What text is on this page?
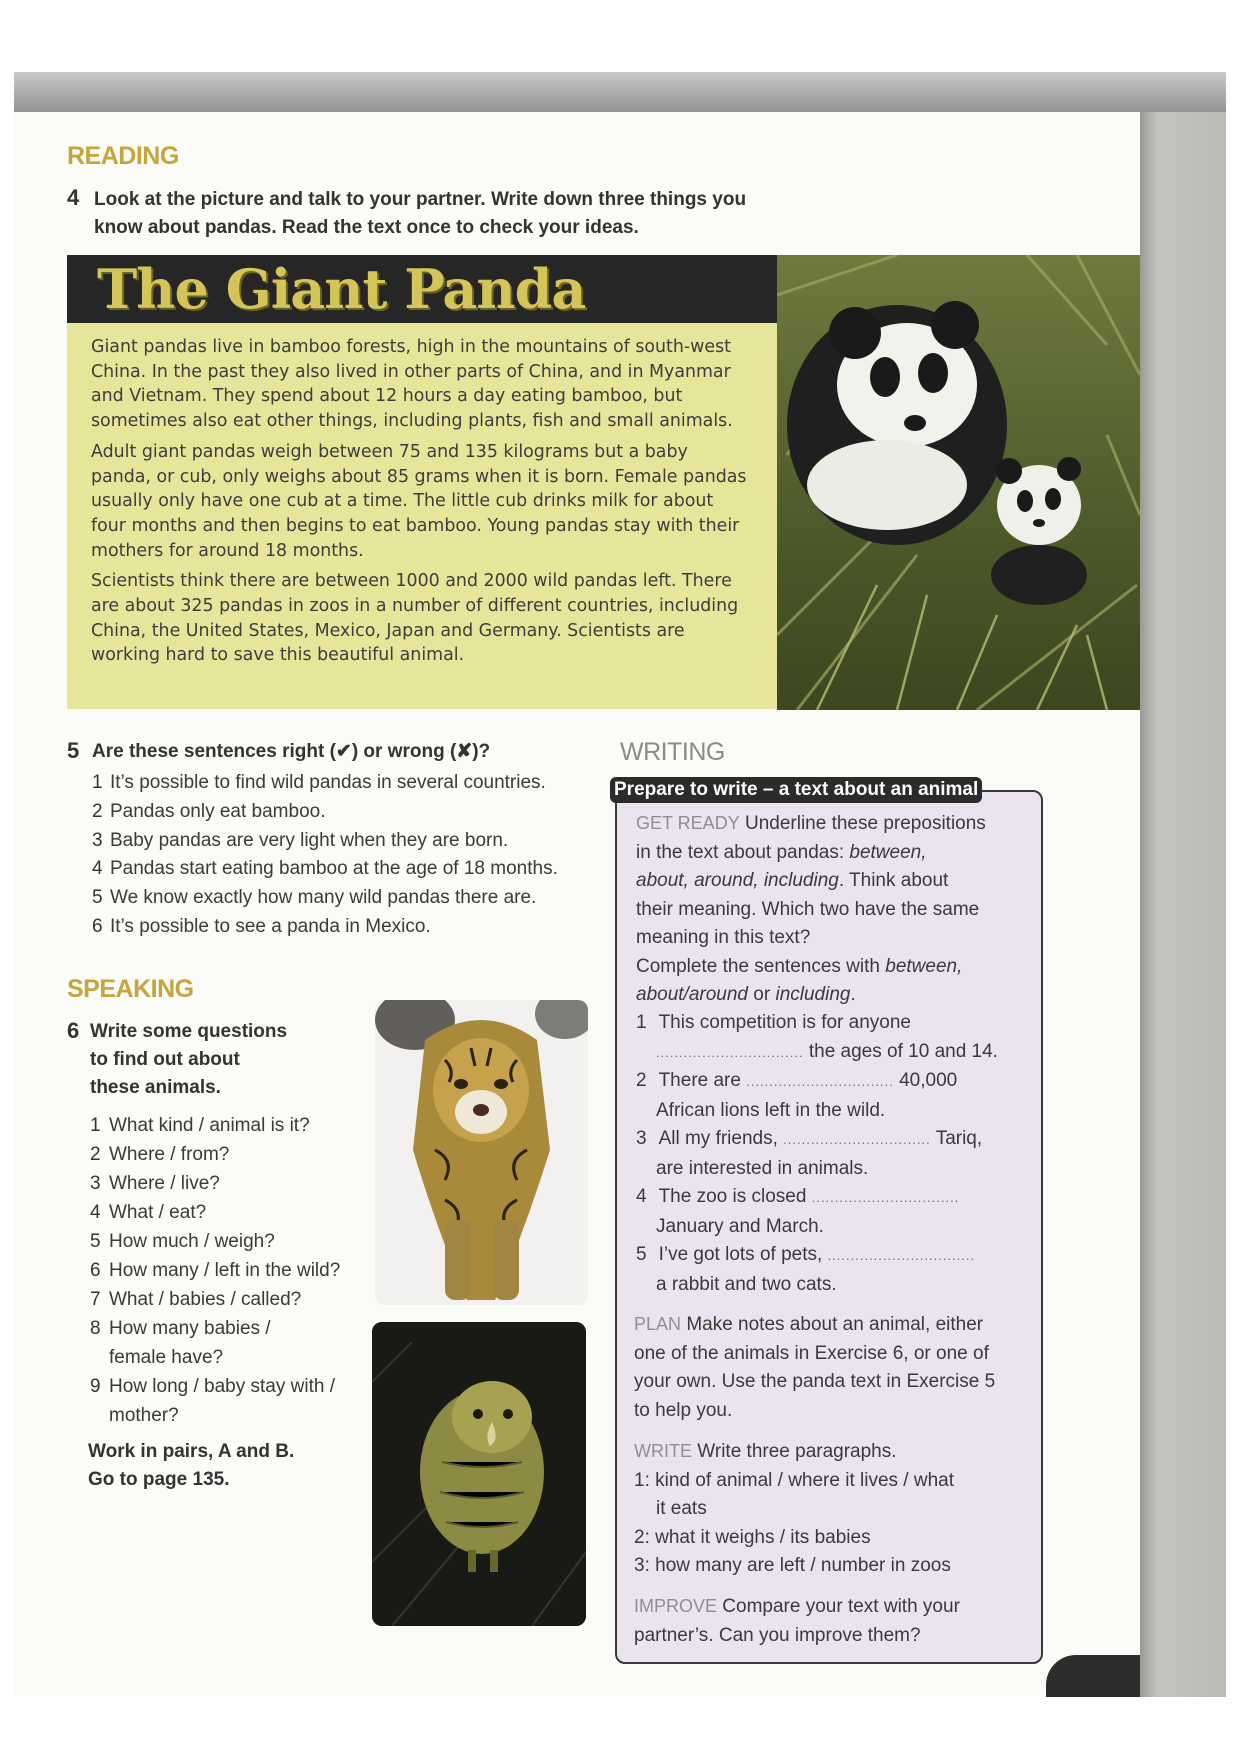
READING
4 Look at the picture and talk to your partner. Write down three things you
know about pandas. Read the text once to check your ideas.
The Giant Panda

Giant pandas live in bamboo forests, high in the mountains of south-west China. In the past they also lived in other parts of China, and in Myanmar and Vietnam. They spend about 12 hours a day eating bamboo, but sometimes also eat other things, including plants, fish and small animals.

Adult giant pandas weigh between 75 and 135 kilograms but a baby panda, or cub, only weighs about 85 grams when it is born. Female pandas usually only have one cub at a time. The little cub drinks milk for about four months and then begins to eat bamboo. Young pandas stay with their mothers for around 18 months.

Scientists think there are between 1000 and 2000 wild pandas left. There are about 325 pandas in zoos in a number of different countries, including China, the United States, Mexico, Japan and Germany. Scientists are working hard to save this beautiful animal.

5 Are these sentences right (✔) or wrong (✘)?
1 It’s possible to find wild pandas in several countries.
2 Pandas only eat bamboo.
3 Baby pandas are very light when they are born.
4 Pandas start eating bamboo at the age of 18 months.
5 We know exactly how many wild pandas there are.
6 It’s possible to see a panda in Mexico.
SPEAKING
6 Write some questions
to find out about
these animals.
1 What kind / animal is it?
2 Where / from?
3 Where / live?
4 What / eat?
5 How much / weigh?
6 How many / left in the wild?
7 What / babies / called?
8 How many babies /
female have?
9 How long / baby stay with /
mother?
Work in pairs, A and B.
Go to page 135.
WRITING
Prepare to write – a text about an animal
GET READY Underline these prepositions
in the text about pandas: between,
about, around, including. Think about
their meaning. Which two have the same
meaning in this text?
Complete the sentences with between,
about/around or including.
1 This competition is for anyone
................................ the ages of 10 and 14.
2 There are ................................ 40,000
African lions left in the wild.
3 All my friends, ................................ Tariq,
are interested in animals.
4 The zoo is closed ................................
January and March.
5 I’ve got lots of pets, ................................
a rabbit and two cats.
PLAN Make notes about an animal, either
one of the animals in Exercise 6, or one of
your own. Use the panda text in Exercise 5
to help you.
WRITE Write three paragraphs.
1: kind of animal / where it lives / what
it eats
2: what it weighs / its babies
3: how many are left / number in zoos
IMPROVE Compare your text with your
partner’s. Can you improve them?
